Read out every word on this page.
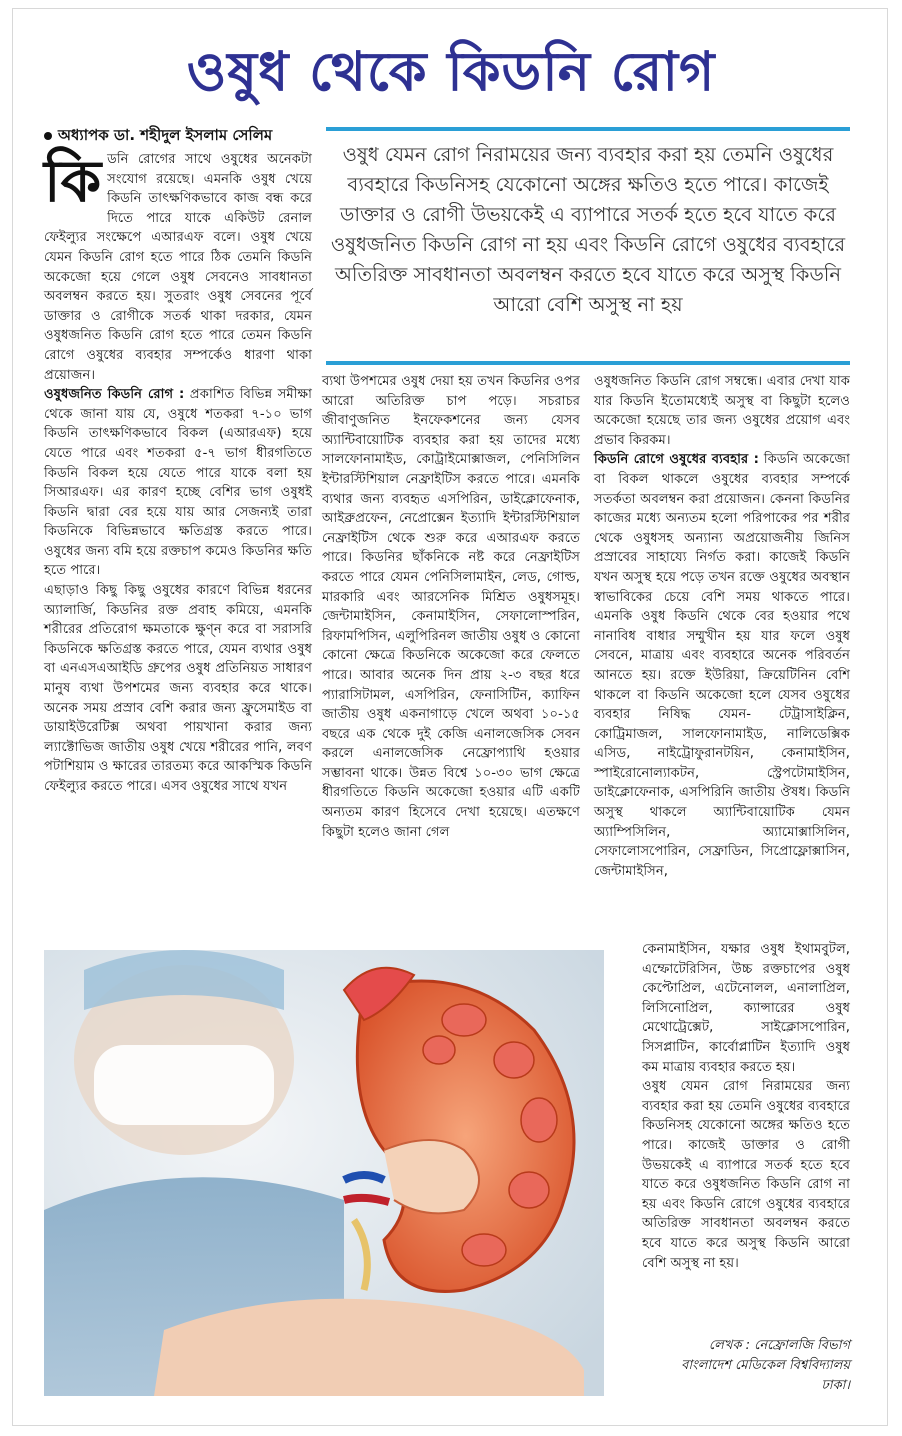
ওষুধ থেকে কিডনি রোগ
অধ্যাপক ডা. শহীদুল ইসলাম সেলিম
ওষুধ যেমন রোগ নিরাময়ের জন্য ব্যবহার করা হয় তেমনি ওষুধের ব্যবহারে কিডনিসহ যেকোনো অঙ্গের ক্ষতিও হতে পারে। কাজেই ডাক্তার ও রোগী উভয়কেই এ ব্যাপারে সতর্ক হতে হবে যাতে করে ওষুধজনিত কিডনি রোগ না হয় এবং কিডনি রোগে ওষুধের ব্যবহারে অতিরিক্ত সাবধানতা অবলম্বন করতে হবে যাতে করে অসুস্থ কিডনি আরো বেশি অসুস্থ না হয়

কিডনি রোগের সাথে ওষুধের অনেকটা সংযোগ রয়েছে। এমনকি ওষুধ খেয়ে কিডনি তাৎক্ষণিকভাবে কাজ বন্ধ করে দিতে পারে যাকে একিউট রেনাল ফেইল্যুর সংক্ষেপে এআরএফ বলে। ওষুধ খেয়ে যেমন কিডনি রোগ হতে পারে ঠিক তেমনি কিডনি অকেজো হয়ে গেলে ওষুধ সেবনেও সাবধানতা অবলম্বন করতে হয়। সুতরাং ওষুধ সেবনের পূর্বে ডাক্তার ও রোগীকে সতর্ক থাকা দরকার, যেমন ওষুধজনিত কিডনি রোগ হতে পারে তেমন কিডনি রোগে ওষুধের ব্যবহার সম্পর্কেও ধারণা থাকা প্রয়োজন।

ওষুধজনিত কিডনি রোগ : প্রকাশিত বিভিন্ন সমীক্ষা থেকে জানা যায় যে, ওষুধে শতকরা ৭-১০ ভাগ কিডনি তাৎক্ষণিকভাবে বিকল (এআরএফ) হয়ে যেতে পারে এবং শতকরা ৫-৭ ভাগ ধীরগতিতে কিডনি বিকল হয়ে যেতে পারে যাকে বলা হয় সিআরএফ। এর কারণ হচ্ছে বেশির ভাগ ওষুধই কিডনি দ্বারা বের হয়ে যায় আর সেজন্যই তারা কিডনিকে বিভিন্নভাবে ক্ষতিগ্রস্ত করতে পারে। ওষুধের জন্য বমি হয়ে রক্তচাপ কমেও কিডনির ক্ষতি হতে পারে।

এছাড়াও কিছু কিছু ওষুধের কারণে বিভিন্ন ধরনের অ্যালার্জি, কিডনির রক্ত প্রবাহ কমিয়ে, এমনকি শরীরের প্রতিরোগ ক্ষমতাকে ক্ষুণ্ন করে বা সরাসরি কিডনিকে ক্ষতিগ্রস্ত করতে পারে, যেমন ব্যথার ওষুধ বা এনএসএআইডি গ্রুপের ওষুধ প্রতিনিয়ত সাধারণ মানুষ ব্যথা উপশমের জন্য ব্যবহার করে থাকে। অনেক সময় প্রস্রাব বেশি করার জন্য ফ্রুসেমাইড বা ডায়াইউরেটিক্স অথবা পায়খানা করার জন্য ল্যাক্টোভিজ জাতীয় ওষুধ খেয়ে শরীরের পানি, লবণ পটাশিয়াম ও ক্ষারের তারতম্য করে আকস্মিক কিডনি ফেইল্যুর করতে পারে। এসব ওষুধের সাথে যখন

ব্যথা উপশমের ওষুধ দেয়া হয় তখন কিডনির ওপর আরো অতিরিক্ত চাপ পড়ে। সচরাচর জীবাণুজনিত ইনফেকশনের জন্য যেসব অ্যান্টিবায়োটিক ব্যবহার করা হয় তাদের মধ্যে সালফোনামাইড, কোট্রাইমোক্সাজল, পেনিসিলিন ইন্টারস্টিশিয়াল নেফ্রাইটিস করতে পারে। এমনকি ব্যথার জন্য ব্যবহৃত এসপিরিন, ডাইক্লোফেনাক, আইব্রুপ্রফেন, নেপ্রোক্সেন ইত্যাদি ইন্টারস্টিশিয়াল নেফ্রাইটিস থেকে শুরু করে এআরএফ করতে পারে। কিডনির ছাঁকনিকে নষ্ট করে নেফ্রাইটিস করতে পারে যেমন পেনিসিলামাইন, লেড, গোল্ড, মারকারি এবং আরসেনিক মিশ্রিত ওষুধসমূহ। জেন্টামাইসিন, কেনামাইসিন, সেফালোস্পরিন, রিফামপিসিন, এলুপিরিনল জাতীয় ওষুধ ও কোনো কোনো ক্ষেত্রে কিডনিকে অকেজো করে ফেলতে পারে। আবার অনেক দিন প্রায় ২-৩ বছর ধরে প্যারাসিটামল, এসপিরিন, ফেনাসিটিন, ক্যাফিন জাতীয় ওষুধ একনাগাড়ে খেলে অথবা ১০-১৫ বছরে এক থেকে দুই কেজি এনালজেসিক সেবন করলে এনালজেসিক নেফ্রোপ্যাথি হওয়ার সম্ভাবনা থাকে। উন্নত বিশ্বে ১০-৩০ ভাগ ক্ষেত্রে ধীরগতিতে কিডনি অকেজো হওয়ার এটি একটি অন্যতম কারণ হিসেবে দেখা হয়েছে। এতক্ষণে কিছুটা হলেও জানা গেল

ওষুধজনিত কিডনি রোগ সম্বন্ধে। এবার দেখা যাক যার কিডনি ইতোমধ্যেই অসুস্থ বা কিছুটা হলেও অকেজো হয়েছে তার জন্য ওষুধের প্রয়োগ এবং প্রভাব কিরকম।

কিডনি রোগে ওষুধের ব্যবহার : কিডনি অকেজো বা বিকল থাকলে ওষুধের ব্যবহার সম্পর্কে সতর্কতা অবলম্বন করা প্রয়োজন। কেননা কিডনির কাজের মধ্যে অন্যতম হলো পরিপাকের পর শরীর থেকে ওষুধসহ অন্যান্য অপ্রয়োজনীয় জিনিস প্রস্রাবের সাহায্যে নির্গত করা। কাজেই কিডনি যখন অসুস্থ হয়ে পড়ে তখন রক্তে ওষুধের অবস্থান স্বাভাবিকের চেয়ে বেশি সময় থাকতে পারে। এমনকি ওষুধ কিডনি থেকে বের হওয়ার পথে নানাবিধ বাধার সম্মুখীন হয় যার ফলে ওষুধ সেবনে, মাত্রায় এবং ব্যবহারে অনেক পরিবর্তন আনতে হয়। রক্তে ইউরিয়া, ক্রিয়েটিনিন বেশি থাকলে বা কিডনি অকেজো হলে যেসব ওষুধের ব্যবহার নিষিদ্ধ যেমন- টেট্রাসাইক্লিন, কোট্রিমাজল, সালফোনামাইড, নালিডেক্সিক এসিড, নাইট্রোফুরানটয়িন, কেনামাইসিন, স্পাইরোনোল্যাকটন, স্ট্রেপটোমাইসিন, ডাইক্লোফেনাক, এসপিরিনি জাতীয় ঔষধ। কিডনি অসুস্থ থাকলে অ্যান্টিবায়োটিক যেমন অ্যাম্পিসিলিন, অ্যামোক্সাসিলিন, সেফালোসপোরিন, সেফ্রাডিন, সিপ্রোফ্লোক্সাসিন, জেন্টামাইসিন,

কেনামাইসিন, যক্ষার ওষুধ ইথামবুটল, এম্ফোটেরিসিন, উচ্চ রক্তচাপের ওষুধ কেপ্টোপ্রিল, এটেনোলল, এনালাপ্রিল, লিসিনোপ্রিল, ক্যান্সারের ওষুধ মেথোট্রেক্সেট, সাইক্লোসপোরিন, সিসপ্লাটিন, কার্বোপ্লাটিন ইত্যাদি ওষুধ কম মাত্রায় ব্যবহার করতে হয়।

ওষুধ যেমন রোগ নিরাময়ের জন্য ব্যবহার করা হয় তেমনি ওষুধের ব্যবহারে কিডনিসহ যেকোনো অঙ্গের ক্ষতিও হতে পারে। কাজেই ডাক্তার ও রোগী উভয়কেই এ ব্যাপারে সতর্ক হতে হবে যাতে করে ওষুধজনিত কিডনি রোগ না হয় এবং কিডনি রোগে ওষুধের ব্যবহারে অতিরিক্ত সাবধানতা অবলম্বন করতে হবে যাতে করে অসুস্থ কিডনি আরো বেশি অসুস্থ না হয়।

লেখক : নেফ্রোলজি বিভাগ
বাংলাদেশ মেডিকেল বিশ্ববিদ্যালয়
ঢাকা।
